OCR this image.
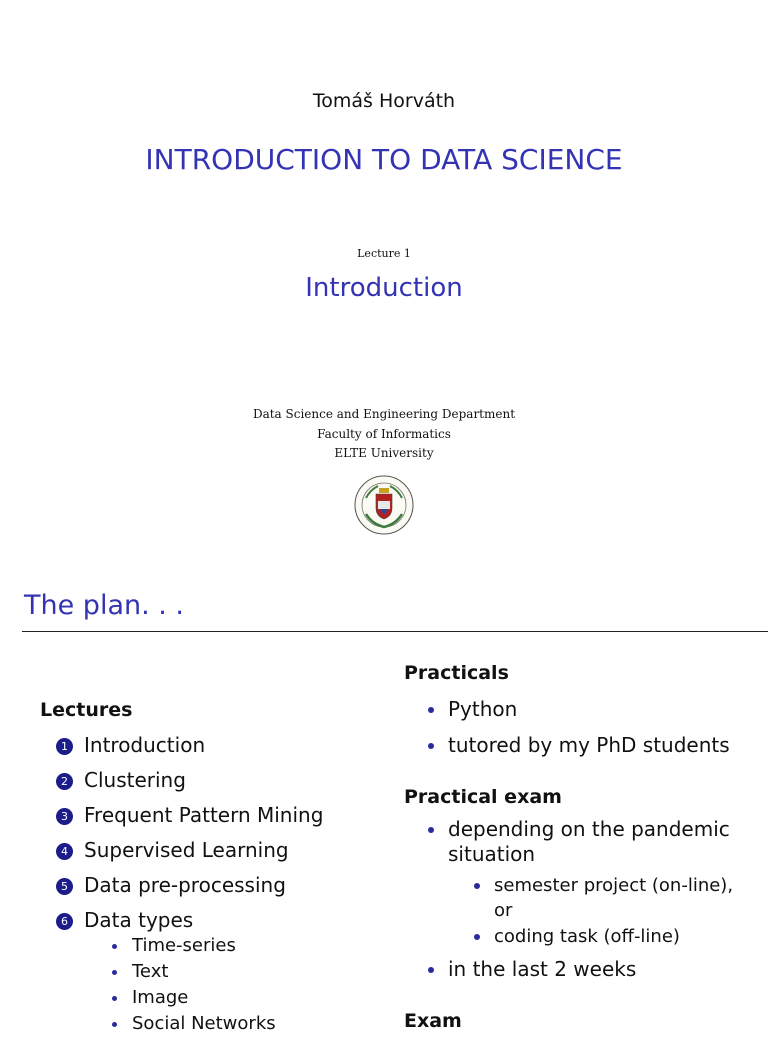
Tomáš Horváth
INTRODUCTION TO DATA SCIENCE
Lecture 1
Introduction
Data Science and Engineering Department
Faculty of Informatics
ELTE University
The plan. . .
Lectures
1 Introduction
2 Clustering
3 Frequent Pattern Mining
4 Supervised Learning
5 Data pre-processing
6 Data types
Time-series
Text
Image
Social Networks
Practicals
Python
tutored by my PhD students
Practical exam
depending on the pandemic situation
semester project (on-line), or
coding task (off-line)
in the last 2 weeks
Exam
